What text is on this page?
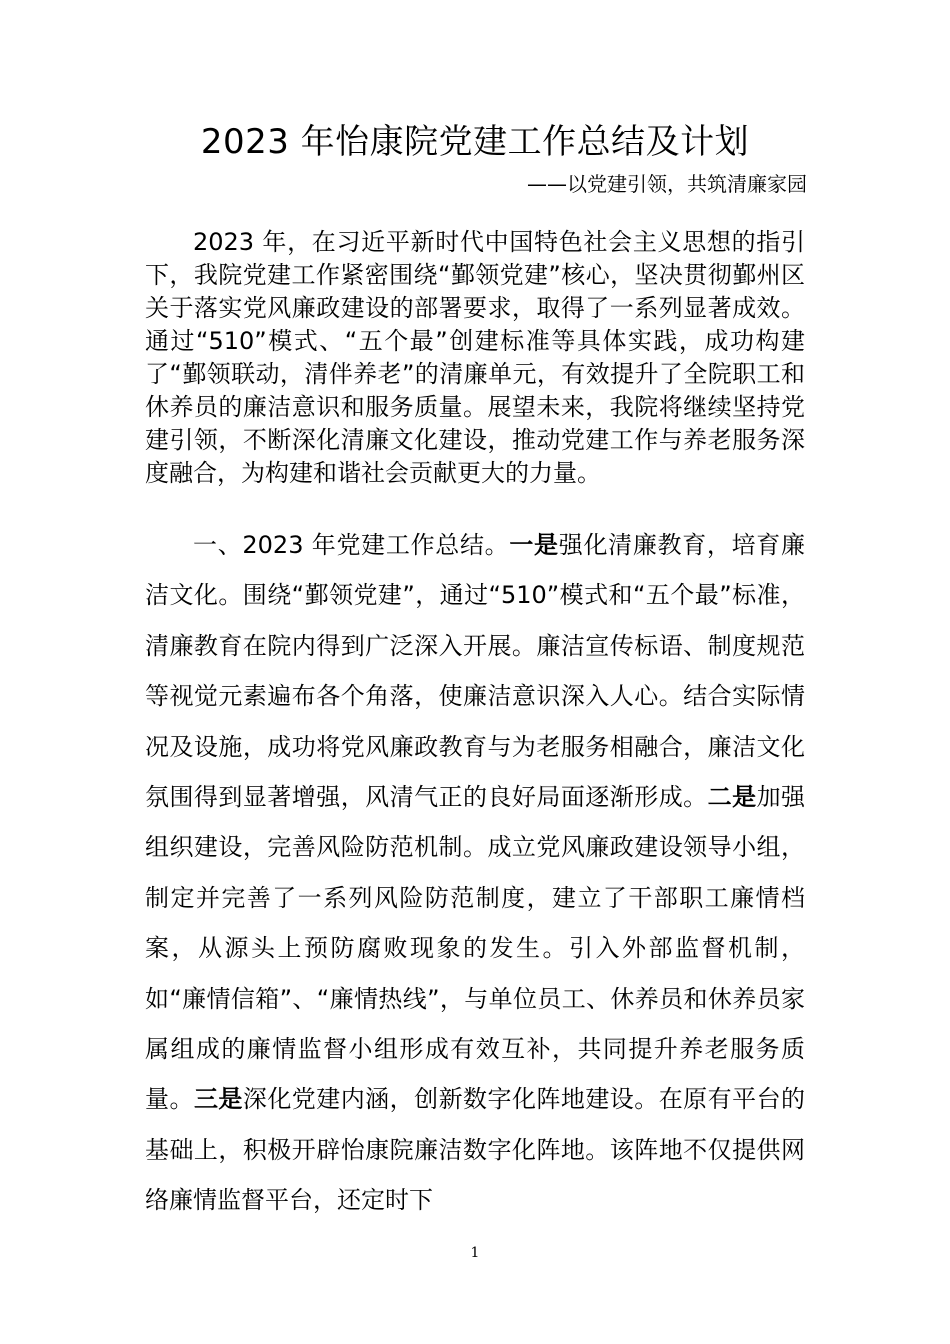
2023 年怡康院党建工作总结及计划
——以党建引领，共筑清廉家园

2023 年，在习近平新时代中国特色社会主义思想的指引下，我院党建工作紧密围绕“鄞领党建”核心，坚决贯彻鄞州区关于落实党风廉政建设的部署要求，取得了一系列显著成效。通过“510”模式、“五个最”创建标准等具体实践，成功构建了“鄞领联动，清伴养老”的清廉单元，有效提升了全院职工和休养员的廉洁意识和服务质量。展望未来，我院将继续坚持党建引领，不断深化清廉文化建设，推动党建工作与养老服务深度融合，为构建和谐社会贡献更大的力量。

一、2023 年党建工作总结。一是强化清廉教育，培育廉洁文化。围绕“鄞领党建”，通过“510”模式和“五个最”标准，清廉教育在院内得到广泛深入开展。廉洁宣传标语、制度规范等视觉元素遍布各个角落，使廉洁意识深入人心。结合实际情况及设施，成功将党风廉政教育与为老服务相融合，廉洁文化氛围得到显著增强，风清气正的良好局面逐渐形成。二是加强组织建设，完善风险防范机制。成立党风廉政建设领导小组，制定并完善了一系列风险防范制度，建立了干部职工廉情档案，从源头上预防腐败现象的发生。引入外部监督机制，如“廉情信箱”、“廉情热线”，与单位员工、休养员和休养员家属组成的廉情监督小组形成有效互补，共同提升养老服务质量。三是深化党建内涵，创新数字化阵地建设。在原有平台的基础上，积极开辟怡康院廉洁数字化阵地。该阵地不仅提供网络廉情监督平台，还定时下

1
